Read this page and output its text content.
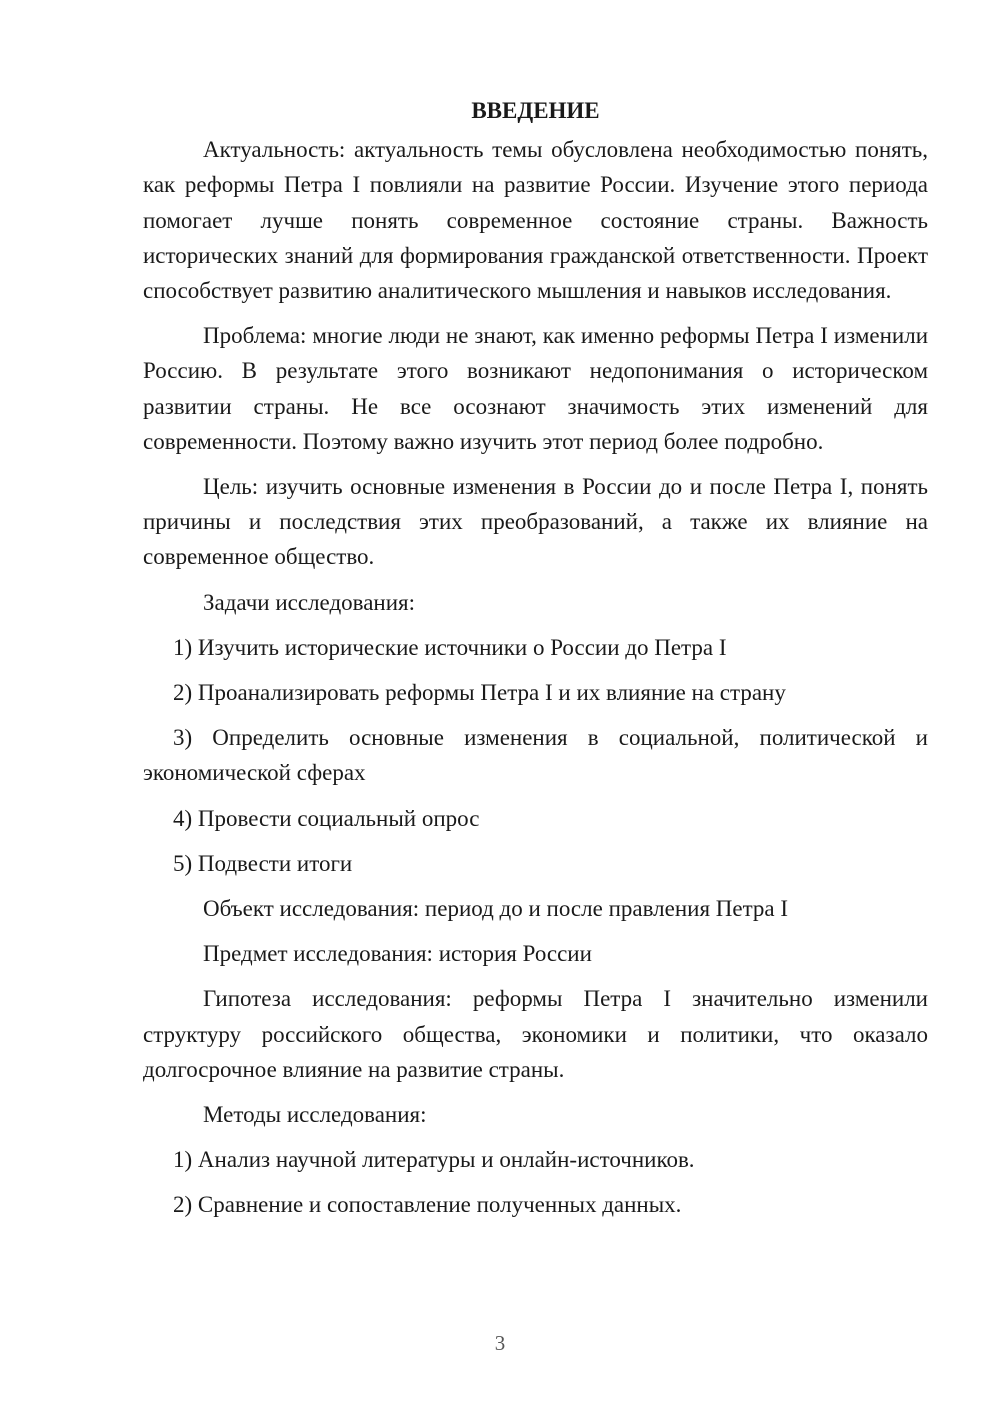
ВВЕДЕНИЕ

Актуальность: актуальность темы обусловлена необходимостью понять, как реформы Петра I повлияли на развитие России. Изучение этого периода помогает лучше понять современное состояние страны. Важность исторических знаний для формирования гражданской ответственности. Проект способствует развитию аналитического мышления и навыков исследования.

Проблема: многие люди не знают, как именно реформы Петра I изменили Россию. В результате этого возникают недопонимания о историческом развитии страны. Не все осознают значимость этих изменений для современности. Поэтому важно изучить этот период более подробно.

Цель: изучить основные изменения в России до и после Петра I, понять причины и последствия этих преобразований, а также их влияние на современное общество.

Задачи исследования:

1) Изучить исторические источники о России до Петра I

2) Проанализировать реформы Петра I и их влияние на страну

3) Определить основные изменения в социальной, политической и экономической сферах

4) Провести социальный опрос

5) Подвести итоги

Объект исследования: период до и после правления Петра I

Предмет исследования: история России

Гипотеза исследования: реформы Петра I значительно изменили структуру российского общества, экономики и политики, что оказало долгосрочное влияние на развитие страны.

Методы исследования:

1) Анализ научной литературы и онлайн-источников.

2) Сравнение и сопоставление полученных данных.

3
